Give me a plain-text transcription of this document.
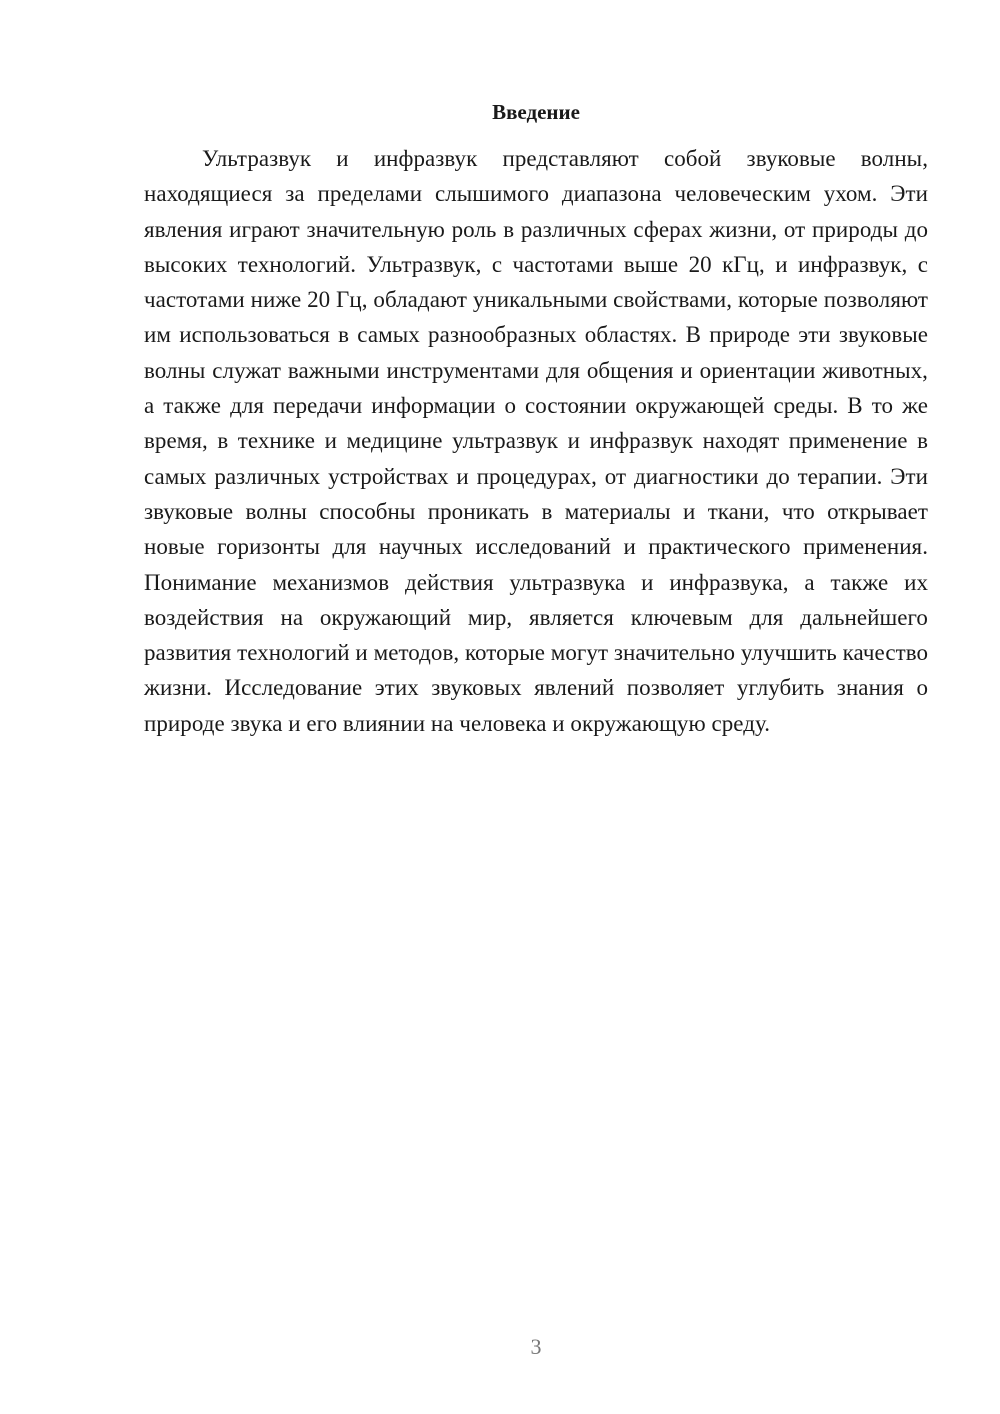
Введение

Ультразвук и инфразвук представляют собой звуковые волны, находящиеся за пределами слышимого диапазона человеческим ухом. Эти явления играют значительную роль в различных сферах жизни, от природы до высоких технологий. Ультразвук, с частотами выше 20 кГц, и инфразвук, с частотами ниже 20 Гц, обладают уникальными свойствами, которые позволяют им использоваться в самых разнообразных областях. В природе эти звуковые волны служат важными инструментами для общения и ориентации животных, а также для передачи информации о состоянии окружающей среды. В то же время, в технике и медицине ультразвук и инфразвук находят применение в самых различных устройствах и процедурах, от диагностики до терапии. Эти звуковые волны способны проникать в материалы и ткани, что открывает новые горизонты для научных исследований и практического применения. Понимание механизмов действия ультразвука и инфразвука, а также их воздействия на окружающий мир, является ключевым для дальнейшего развития технологий и методов, которые могут значительно улучшить качество жизни. Исследование этих звуковых явлений позволяет углубить знания о природе звука и его влиянии на человека и окружающую среду.

3
